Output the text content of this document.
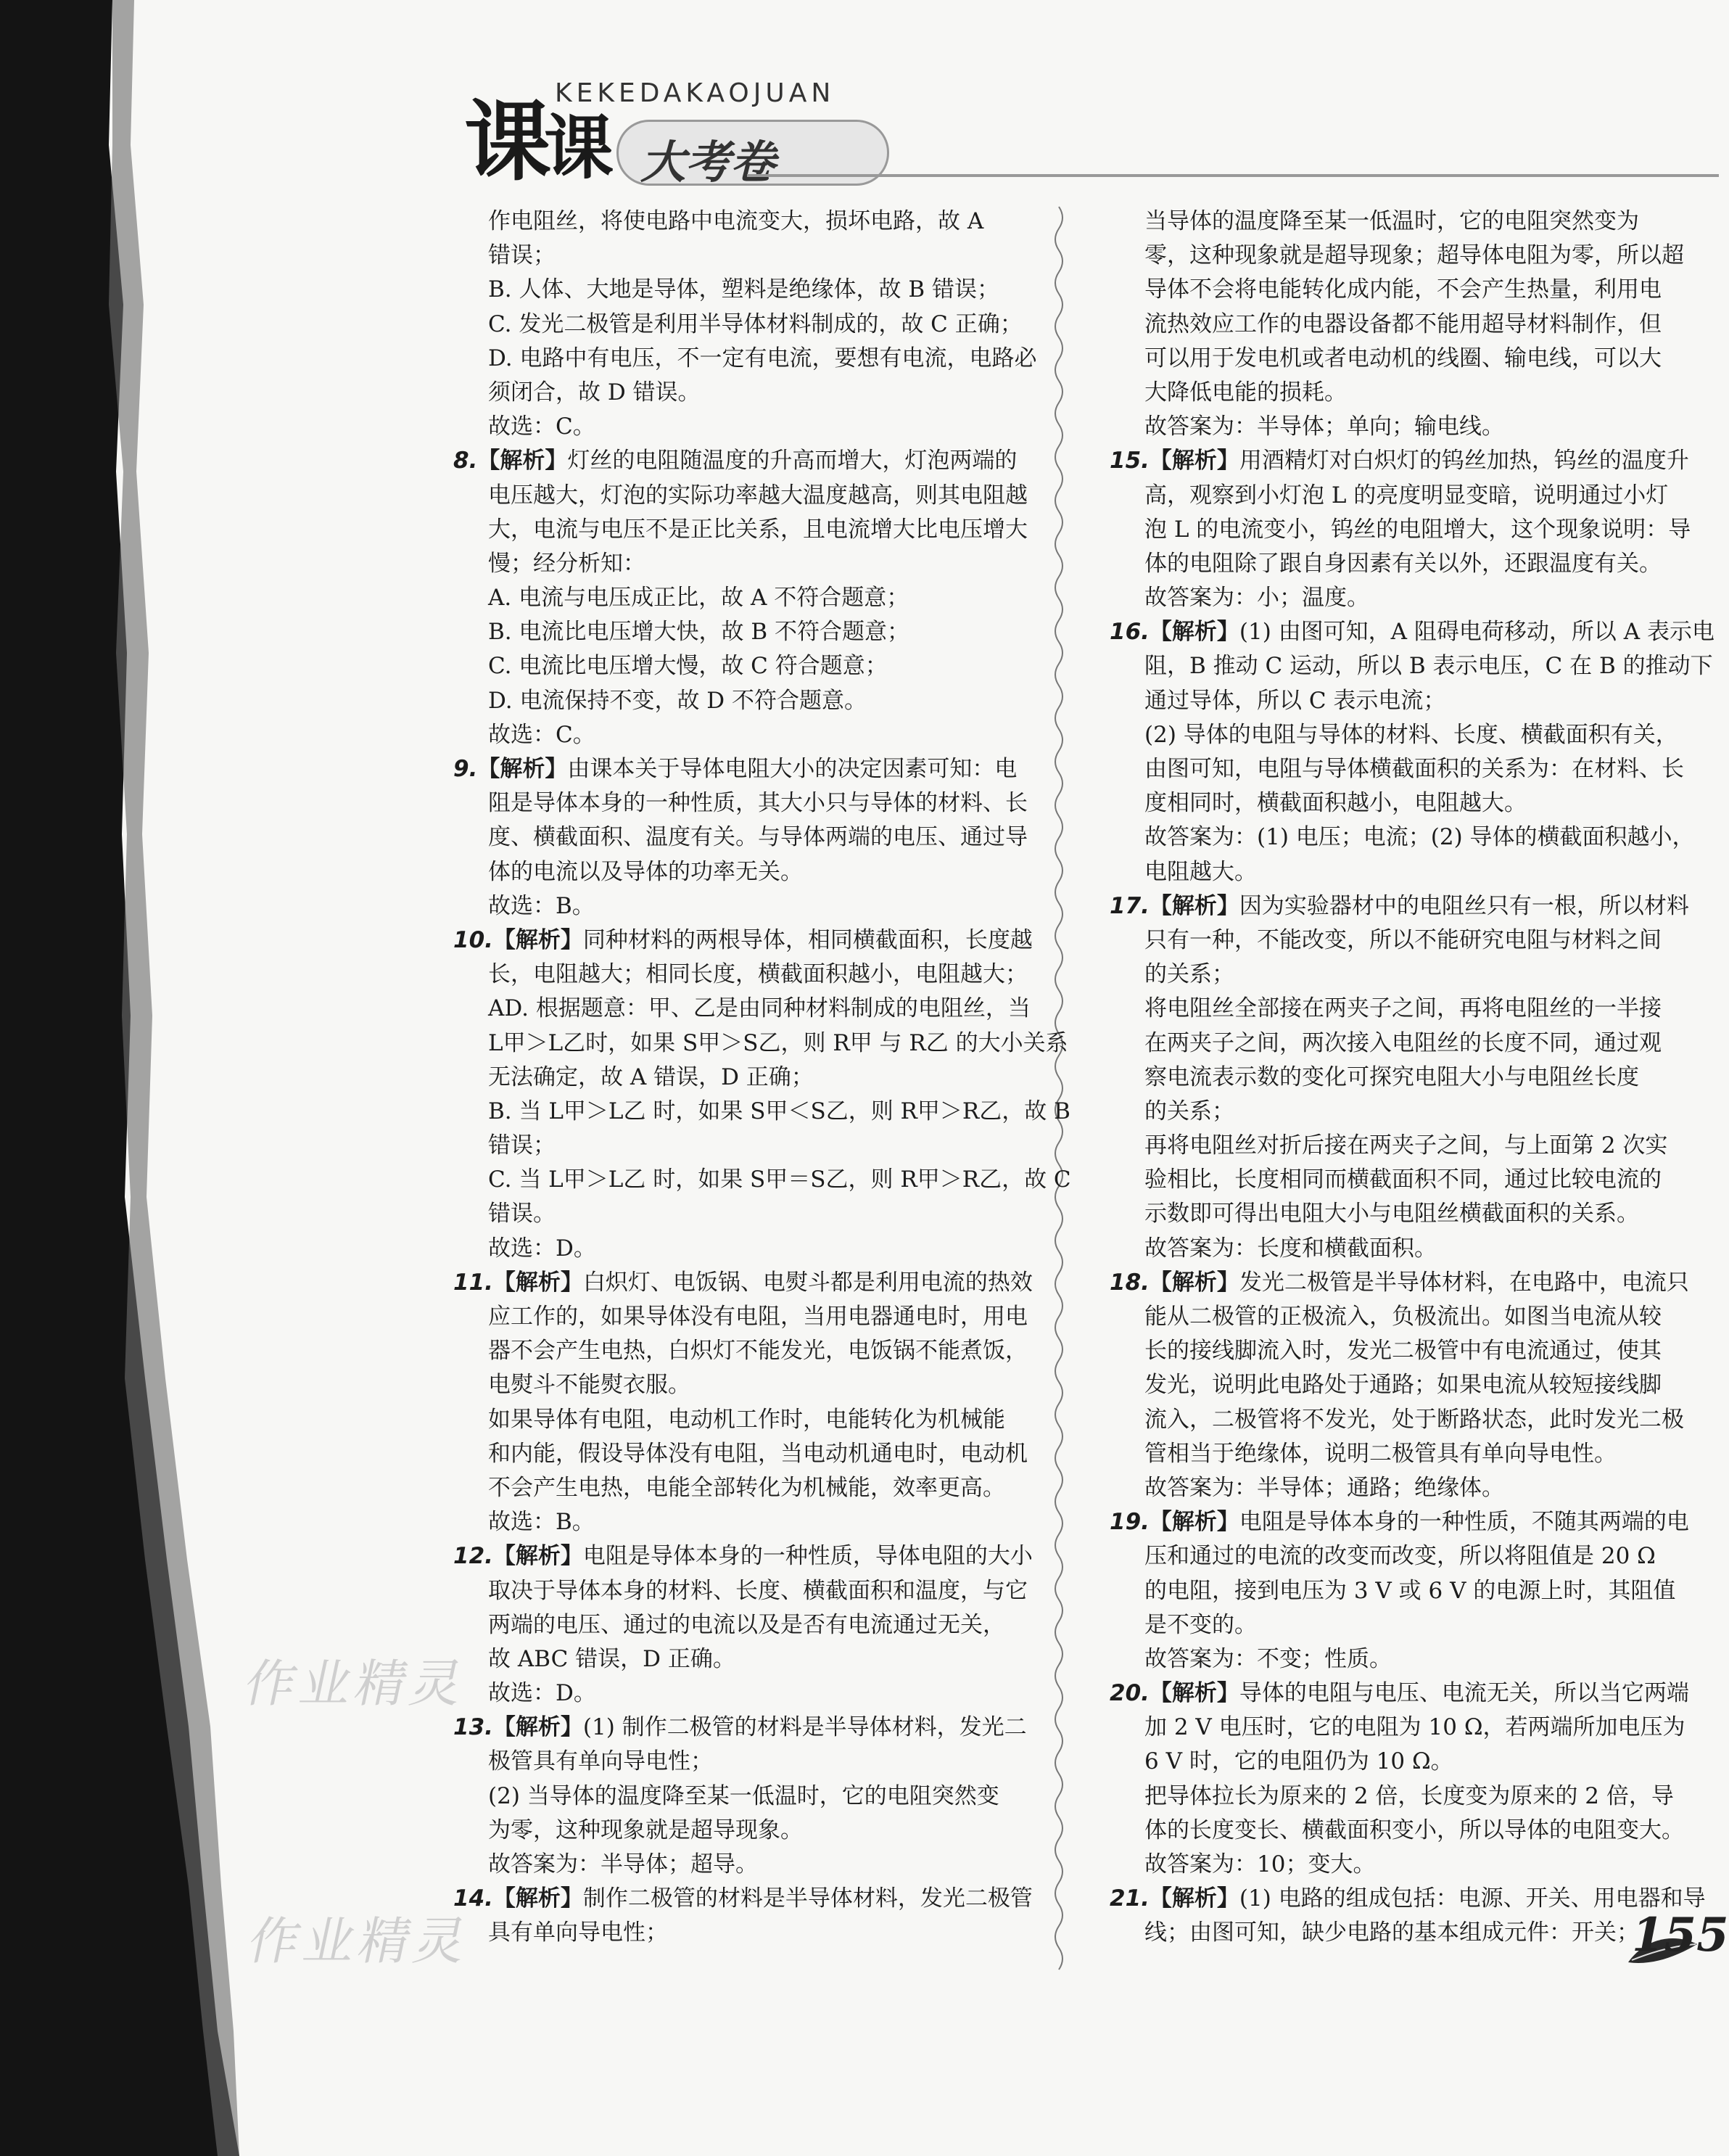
课课
KEKEDAKAOJUAN
大考卷
作电阻丝，将使电路中电流变大，损坏电路，故 A
错误；
B. 人体、大地是导体，塑料是绝缘体，故 B 错误；
C. 发光二极管是利用半导体材料制成的，故 C 正确；
D. 电路中有电压，不一定有电流，要想有电流，电路必
须闭合，故 D 错误。
故选：C。
8.【解析】灯丝的电阻随温度的升高而增大，灯泡两端的
电压越大，灯泡的实际功率越大温度越高，则其电阻越
大，电流与电压不是正比关系，且电流增大比电压增大
慢；经分析知：
A. 电流与电压成正比，故 A 不符合题意；
B. 电流比电压增大快，故 B 不符合题意；
C. 电流比电压增大慢，故 C 符合题意；
D. 电流保持不变，故 D 不符合题意。
故选：C。
9.【解析】由课本关于导体电阻大小的决定因素可知：电
阻是导体本身的一种性质，其大小只与导体的材料、长
度、横截面积、温度有关。与导体两端的电压、通过导
体的电流以及导体的功率无关。
故选：B。
10.【解析】同种材料的两根导体，相同横截面积，长度越
长，电阻越大；相同长度，横截面积越小，电阻越大；
AD. 根据题意：甲、乙是由同种材料制成的电阻丝，当
L甲＞L乙时，如果 S甲＞S乙，则 R甲 与 R乙 的大小关系
无法确定，故 A 错误，D 正确；
B. 当 L甲＞L乙 时，如果 S甲＜S乙，则 R甲＞R乙，故 B
错误；
C. 当 L甲＞L乙 时，如果 S甲＝S乙，则 R甲＞R乙，故 C
错误。
故选：D。
11.【解析】白炽灯、电饭锅、电熨斗都是利用电流的热效
应工作的，如果导体没有电阻，当用电器通电时，用电
器不会产生电热，白炽灯不能发光，电饭锅不能煮饭，
电熨斗不能熨衣服。
如果导体有电阻，电动机工作时，电能转化为机械能
和内能，假设导体没有电阻，当电动机通电时，电动机
不会产生电热，电能全部转化为机械能，效率更高。
故选：B。
12.【解析】电阻是导体本身的一种性质，导体电阻的大小
取决于导体本身的材料、长度、横截面积和温度，与它
两端的电压、通过的电流以及是否有电流通过无关，
故 ABC 错误，D 正确。
故选：D。
13.【解析】(1) 制作二极管的材料是半导体材料，发光二
极管具有单向导电性；
(2) 当导体的温度降至某一低温时，它的电阻突然变
为零，这种现象就是超导现象。
故答案为：半导体；超导。
14.【解析】制作二极管的材料是半导体材料，发光二极管
具有单向导电性；
当导体的温度降至某一低温时，它的电阻突然变为
零，这种现象就是超导现象；超导体电阻为零，所以超
导体不会将电能转化成内能，不会产生热量，利用电
流热效应工作的电器设备都不能用超导材料制作，但
可以用于发电机或者电动机的线圈、输电线，可以大
大降低电能的损耗。
故答案为：半导体；单向；输电线。
15.【解析】用酒精灯对白炽灯的钨丝加热，钨丝的温度升
高，观察到小灯泡 L 的亮度明显变暗，说明通过小灯
泡 L 的电流变小，钨丝的电阻增大，这个现象说明：导
体的电阻除了跟自身因素有关以外，还跟温度有关。
故答案为：小；温度。
16.【解析】(1) 由图可知，A 阻碍电荷移动，所以 A 表示电
阻，B 推动 C 运动，所以 B 表示电压，C 在 B 的推动下
通过导体，所以 C 表示电流；
(2) 导体的电阻与导体的材料、长度、横截面积有关，
由图可知，电阻与导体横截面积的关系为：在材料、长
度相同时，横截面积越小，电阻越大。
故答案为：(1) 电压；电流；(2) 导体的横截面积越小，
电阻越大。
17.【解析】因为实验器材中的电阻丝只有一根，所以材料
只有一种，不能改变，所以不能研究电阻与材料之间
的关系；
将电阻丝全部接在两夹子之间，再将电阻丝的一半接
在两夹子之间，两次接入电阻丝的长度不同，通过观
察电流表示数的变化可探究电阻大小与电阻丝长度
的关系；
再将电阻丝对折后接在两夹子之间，与上面第 2 次实
验相比，长度相同而横截面积不同，通过比较电流的
示数即可得出电阻大小与电阻丝横截面积的关系。
故答案为：长度和横截面积。
18.【解析】发光二极管是半导体材料，在电路中，电流只
能从二极管的正极流入，负极流出。如图当电流从较
长的接线脚流入时，发光二极管中有电流通过，使其
发光，说明此电路处于通路；如果电流从较短接线脚
流入，二极管将不发光，处于断路状态，此时发光二极
管相当于绝缘体，说明二极管具有单向导电性。
故答案为：半导体；通路；绝缘体。
19.【解析】电阻是导体本身的一种性质，不随其两端的电
压和通过的电流的改变而改变，所以将阻值是 20 Ω
的电阻，接到电压为 3 V 或 6 V 的电源上时，其阻值
是不变的。
故答案为：不变；性质。
20.【解析】导体的电阻与电压、电流无关，所以当它两端
加 2 V 电压时，它的电阻为 10 Ω，若两端所加电压为
6 V 时，它的电阻仍为 10 Ω。
把导体拉长为原来的 2 倍，长度变为原来的 2 倍，导
体的长度变长、横截面积变小，所以导体的电阻变大。
故答案为：10；变大。
21.【解析】(1) 电路的组成包括：电源、开关、用电器和导
线；由图可知，缺少电路的基本组成元件：开关；
作业精灵
作业精灵	155
